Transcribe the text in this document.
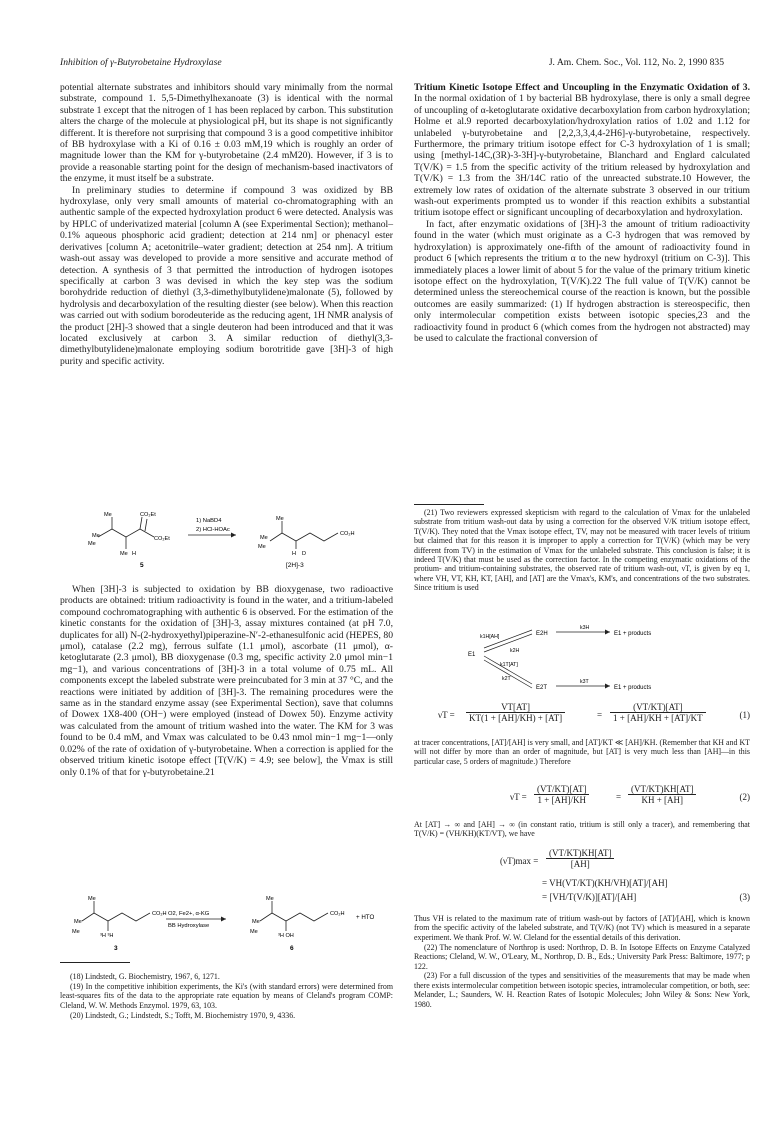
Inhibition of γ-Butyrobetaine Hydroxylase	J. Am. Chem. Soc., Vol. 112, No. 2, 1990 835

potential alternate substrates and inhibitors should vary minimally from the normal substrate, compound 1. 5,5-Dimethylhexanoate (3) is identical with the normal substrate 1 except that the nitrogen of 1 has been replaced by carbon. This substitution alters the charge of the molecule at physiological pH, but its shape is not significantly different. It is therefore not surprising that compound 3 is a good competitive inhibitor of BB hydroxylase with a Ki of 0.16 ± 0.03 mM,19 which is roughly an order of magnitude lower than the KM for γ-butyrobetaine (2.4 mM20). However, if 3 is to provide a reasonable starting point for the design of mechanism-based inactivators of the enzyme, it must itself be a substrate.

In preliminary studies to determine if compound 3 was oxidized by BB hydroxylase, only very small amounts of material co-chromatographing with an authentic sample of the expected hydroxylation product 6 were detected. Analysis was by HPLC of underivatized material [column A (see Experimental Section); methanol–0.1% aqueous phosphoric acid gradient; detection at 214 nm] or phenacyl ester derivatives [column A; acetonitrile–water gradient; detection at 254 nm]. A tritium wash-out assay was developed to provide a more sensitive and accurate method of detection. A synthesis of 3 that permitted the introduction of hydrogen isotopes specifically at carbon 3 was devised in which the key step was the sodium borohydride reduction of diethyl (3,3-dimethylbutylidene)malonate (5), followed by hydrolysis and decarboxylation of the resulting diester (see below). When this reaction was carried out with sodium borodeuteride as the reducing agent, 1H NMR analysis of the product [2H]-3 showed that a single deuteron had been introduced and that it was located exclusively at carbon 3. A similar reduction of diethyl(3,3-dimethylbutylidene)malonate employing sodium borotritide gave [3H]-3 of high purity and specific activity.

Me
Me
Me
CO₂Et
CO₂Et
Me H
1) NaBD4
2) HCl-HOAc
Me
Me
Me
CO₂H
H D
5	[2H]-3

When [3H]-3 is subjected to oxidation by BB dioxygenase, two radioactive products are obtained: tritium radioactivity is found in the water, and a tritium-labeled compound cochromatographing with authentic 6 is observed. For the estimation of the kinetic constants for the oxidation of [3H]-3, assay mixtures contained (at pH 7.0, duplicates for all) N-(2-hydroxyethyl)piperazine-N′-2-ethanesulfonic acid (HEPES, 80 μmol), catalase (2.2 mg), ferrous sulfate (1.1 μmol), ascorbate (11 μmol), α-ketoglutarate (2.3 μmol), BB dioxygenase (0.3 mg, specific activity 2.0 μmol min−1 mg−1), and various concentrations of [3H]-3 in a total volume of 0.75 mL. All components except the labeled substrate were preincubated for 3 min at 37 °C, and the reactions were initiated by addition of [3H]-3. The remaining procedures were the same as in the standard enzyme assay (see Experimental Section), save that columns of Dowex 1X8-400 (OH−) were employed (instead of Dowex 50). Enzyme activity was calculated from the amount of tritium washed into the water. The KM for 3 was found to be 0.4 mM, and Vmax was calculated to be 0.43 nmol min−1 mg−1—only 0.02% of the rate of oxidation of γ-butyrobetaine. When a correction is applied for the observed tritium kinetic isotope effect [T(V/K) = 4.9; see below], the Vmax is still only 0.1% of that for γ-butyrobetaine.21

Me
Me
Me
CO₂H
³H ³H
O2, Fe2+, α-KG
BB Hydroxylase
Me
Me
Me
CO₂H
³H OH
+ HTO
3	6

(18) Lindstedt, G. Biochemistry, 1967, 6, 1271.

(19) In the competitive inhibition experiments, the Ki's (with standard errors) were determined from least-squares fits of the data to the appropriate rate equation by means of Cleland's program COMP: Cleland, W. W. Methods Enzymol. 1979, 63, 103.

(20) Lindstedt, G.; Lindstedt, S.; Tofft, M. Biochemistry 1970, 9, 4336.

Tritium Kinetic Isotope Effect and Uncoupling in the Enzymatic Oxidation of 3. In the normal oxidation of 1 by bacterial BB hydroxylase, there is only a small degree of uncoupling of α-ketoglutarate oxidative decarboxylation from carbon hydroxylation; Holme et al.9 reported decarboxylation/hydroxylation ratios of 1.02 and 1.12 for unlabeled γ-butyrobetaine and [2,2,3,3,4,4-2H6]-γ-butyrobetaine, respectively. Furthermore, the primary tritium isotope effect for C-3 hydroxylation of 1 is small; using [methyl-14C,(3R)-3-3H]-γ-butyrobetaine, Blanchard and Englard calculated T(V/K) = 1.5 from the specific activity of the tritium released by hydroxylation and T(V/K) = 1.3 from the 3H/14C ratio of the unreacted substrate.10 However, the extremely low rates of oxidation of the alternate substrate 3 observed in our tritium wash-out experiments prompted us to wonder if this reaction exhibits a substantial tritium isotope effect or significant uncoupling of decarboxylation and hydroxylation.

In fact, after enzymatic oxidations of [3H]-3 the amount of tritium radioactivity found in the water (which must originate as a C-3 hydrogen that was removed by hydroxylation) is approximately one-fifth of the amount of radioactivity found in product 6 [which represents the tritium α to the new hydroxyl (tritium on C-3)]. This immediately places a lower limit of about 5 for the value of the primary tritium kinetic isotope effect on the hydroxylation, T(V/K).22 The full value of T(V/K) cannot be determined unless the stereochemical course of the reaction is known, but the possible outcomes are easily summarized: (1) If hydrogen abstraction is stereospecific, then only intermolecular competition exists between isotopic species,23 and the radioactivity found in product 6 (which comes from the hydrogen not abstracted) may be used to calculate the fractional conversion of

(21) Two reviewers expressed skepticism with regard to the calculation of Vmax for the unlabeled substrate from tritium wash-out data by using a correction for the observed V/K tritium isotope effect, T(V/K). They noted that the Vmax isotope effect, TV, may not be measured with tracer levels of tritium but claimed that for this reason it is improper to apply a correction for T(V/K) (which may be very different from TV) in the estimation of Vmax for the unlabeled substrate. This conclusion is false; it is indeed T(V/K) that must be used as the correction factor. In the competing enzymatic oxidations of the protium- and tritium-containing substrates, the observed rate of tritium wash-out, νT, is given by eq 1, where VH, VT, KH, KT, [AH], and [AT] are the Vmax's, KM's, and concentrations of the two substrates. Since tritium is used

E1
E2H
E2T
k1H[AH]
k2H
k1T[AT]
k2T
k3H
k3T
E1 + products
E1 + products
$\nu T = \frac{VT[AT]}{KT(1 + [AH]/KH) + [AT]}$	= $\frac{(VT/KT)[AT]}{1 + [AH]/KH + [AT]/KT}$	(1)

at tracer concentrations, [AT]/[AH] is very small, and [AT]/KT ≪ [AH]/KH. (Remember that KH and KT will not differ by more than an order of magnitude, but [AT] is very much less than [AH]—in this particular case, 5 orders of magnitude.) Therefore

$\nu T = \frac{(VT/KT)[AT]}{1 + [AH]/KH}$	= $\frac{(VT/KT)KH[AT]}{KH + [AH]}$	(2)

At [AT] → ∞ and [AH] → ∞ (in constant ratio, tritium is still only a tracer), and remembering that T(V/K) = (VH/KH)(KT/VT), we have

$(\nu T)\max = \frac{(VT/KT)KH[AT]}{[AH]}$
= VH(VT/KT)(KH/VH)[AT]/[AH]
= [VH/T(V/K)][AT]/[AH]	(3)

Thus VH is related to the maximum rate of tritium wash-out by factors of [AT]/[AH], which is known from the specific activity of the labeled substrate, and T(V/K) (not TV) which is measured in a separate experiment. We thank Prof. W. W. Cleland for the essential details of this derivation.

(22) The nomenclature of Northrop is used: Northrop, D. B. In Isotope Effects on Enzyme Catalyzed Reactions; Cleland, W. W., O'Leary, M., Northrop, D. B., Eds.; University Park Press: Baltimore, 1977; p 122.

(23) For a full discussion of the types and sensitivities of the measurements that may be made when there exists intermolecular competition between isotopic species, intramolecular competition, or both, see: Melander, L.; Saunders, W. H. Reaction Rates of Isotopic Molecules; John Wiley & Sons: New York, 1980.
